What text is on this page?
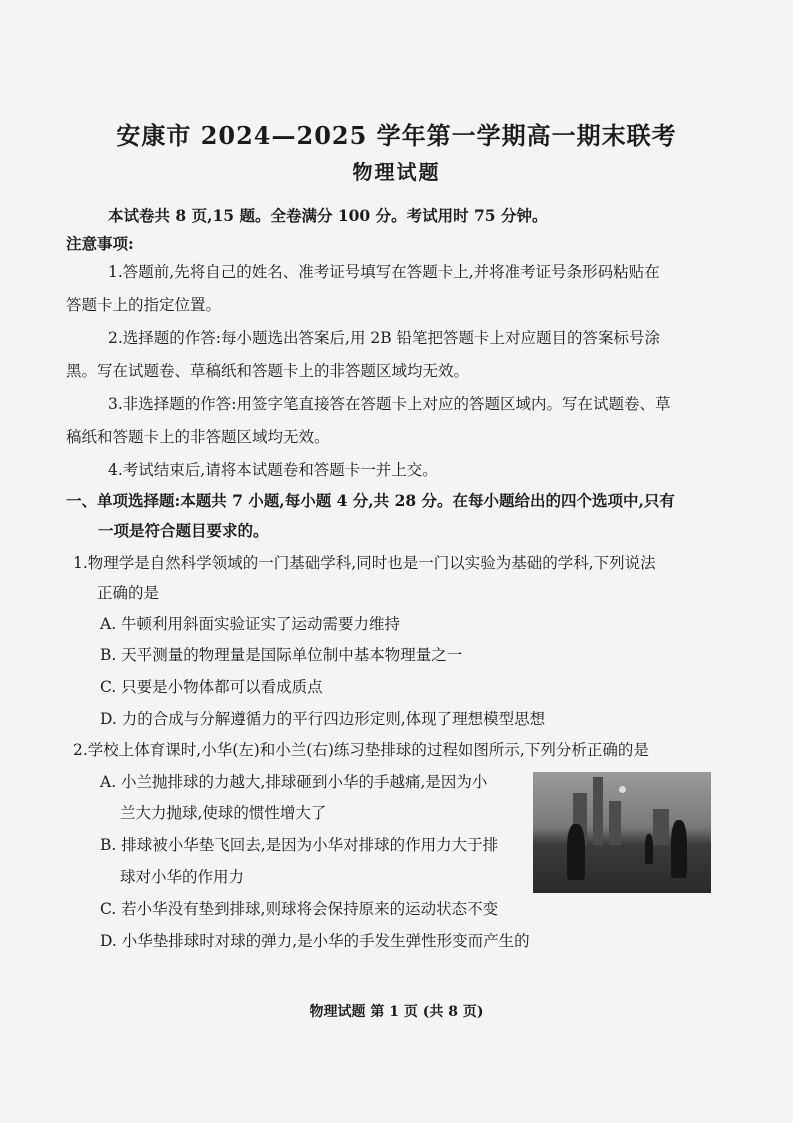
安康市 2024—2025 学年第一学期高一期末联考
物理试题
本试卷共 8 页,15 题。全卷满分 100 分。考试用时 75 分钟。
注意事项:
1.答题前,先将自己的姓名、准考证号填写在答题卡上,并将准考证号条形码粘贴在
答题卡上的指定位置。
2.选择题的作答:每小题选出答案后,用 2B 铅笔把答题卡上对应题目的答案标号涂
黑。写在试题卷、草稿纸和答题卡上的非答题区域均无效。
3.非选择题的作答:用签字笔直接答在答题卡上对应的答题区域内。写在试题卷、草
稿纸和答题卡上的非答题区域均无效。
4.考试结束后,请将本试题卷和答题卡一并上交。
一、单项选择题:本题共 7 小题,每小题 4 分,共 28 分。在每小题给出的四个选项中,只有
一项是符合题目要求的。
1.物理学是自然科学领域的一门基础学科,同时也是一门以实验为基础的学科,下列说法
正确的是
A. 牛顿利用斜面实验证实了运动需要力维持
B. 天平测量的物理量是国际单位制中基本物理量之一
C. 只要是小物体都可以看成质点
D. 力的合成与分解遵循力的平行四边形定则,体现了理想模型思想
2.学校上体育课时,小华(左)和小兰(右)练习垫排球的过程如图所示,下列分析正确的是
A. 小兰抛排球的力越大,排球砸到小华的手越痛,是因为小
兰大力抛球,使球的惯性增大了
B. 排球被小华垫飞回去,是因为小华对排球的作用力大于排
球对小华的作用力
C. 若小华没有垫到排球,则球将会保持原来的运动状态不变
D. 小华垫排球时对球的弹力,是小华的手发生弹性形变而产生的
物理试题 第 1 页 (共 8 页)
